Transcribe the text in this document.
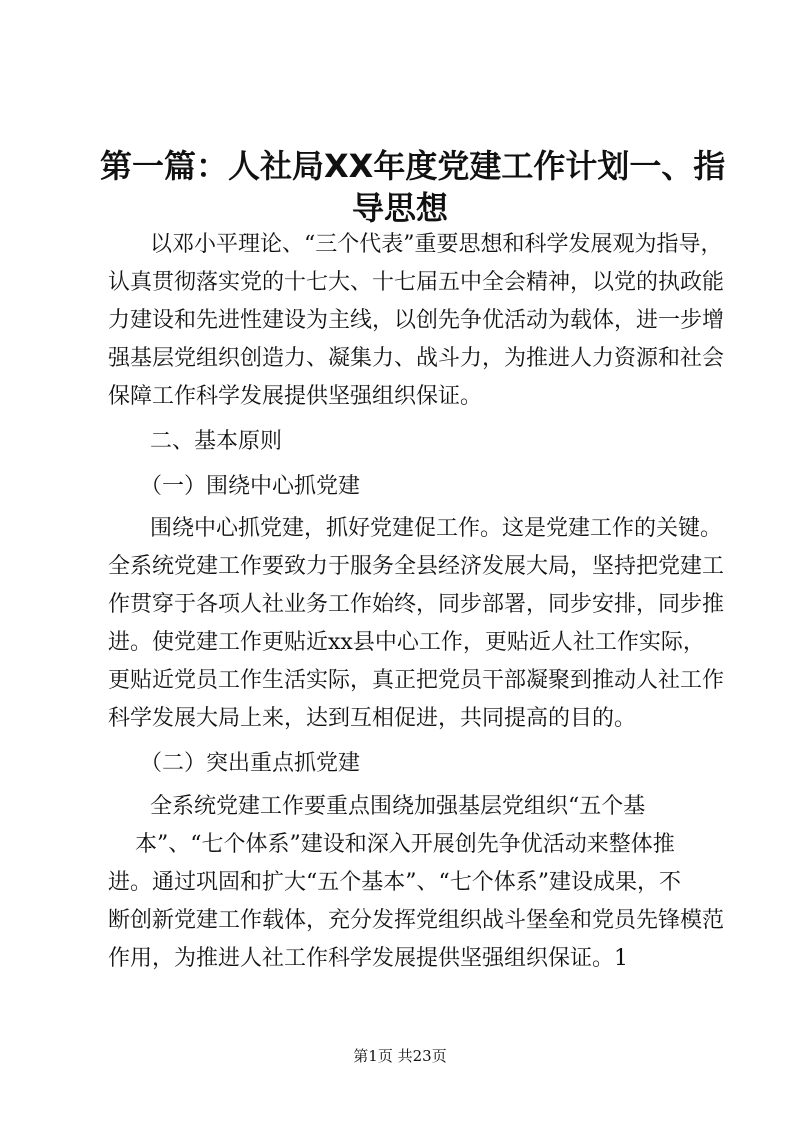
第一篇：人社局XX年度党建工作计划一、指
导思想

以邓小平理论、“三个代表”重要思想和科学发展观为指导，

认真贯彻落实党的十七大、十七届五中全会精神，以党的执政能

力建设和先进性建设为主线，以创先争优活动为载体，进一步增

强基层党组织创造力、凝集力、战斗力，为推进人力资源和社会

保障工作科学发展提供坚强组织保证。

二、基本原则

（一）围绕中心抓党建

围绕中心抓党建，抓好党建促工作。这是党建工作的关键。

全系统党建工作要致力于服务全县经济发展大局，坚持把党建工

作贯穿于各项人社业务工作始终，同步部署，同步安排，同步推

进。使党建工作更贴近xx县中心工作，更贴近人社工作实际，

更贴近党员工作生活实际，真正把党员干部凝聚到推动人社工作

科学发展大局上来，达到互相促进，共同提高的目的。

（二）突出重点抓党建

全系统党建工作要重点围绕加强基层党组织“五个基

本”、“七个体系”建设和深入开展创先争优活动来整体推

进。通过巩固和扩大“五个基本”、“七个体系”建设成果，不

断创新党建工作载体，充分发挥党组织战斗堡垒和党员先锋模范

作用，为推进人社工作科学发展提供坚强组织保证。1

第1页 共23页
